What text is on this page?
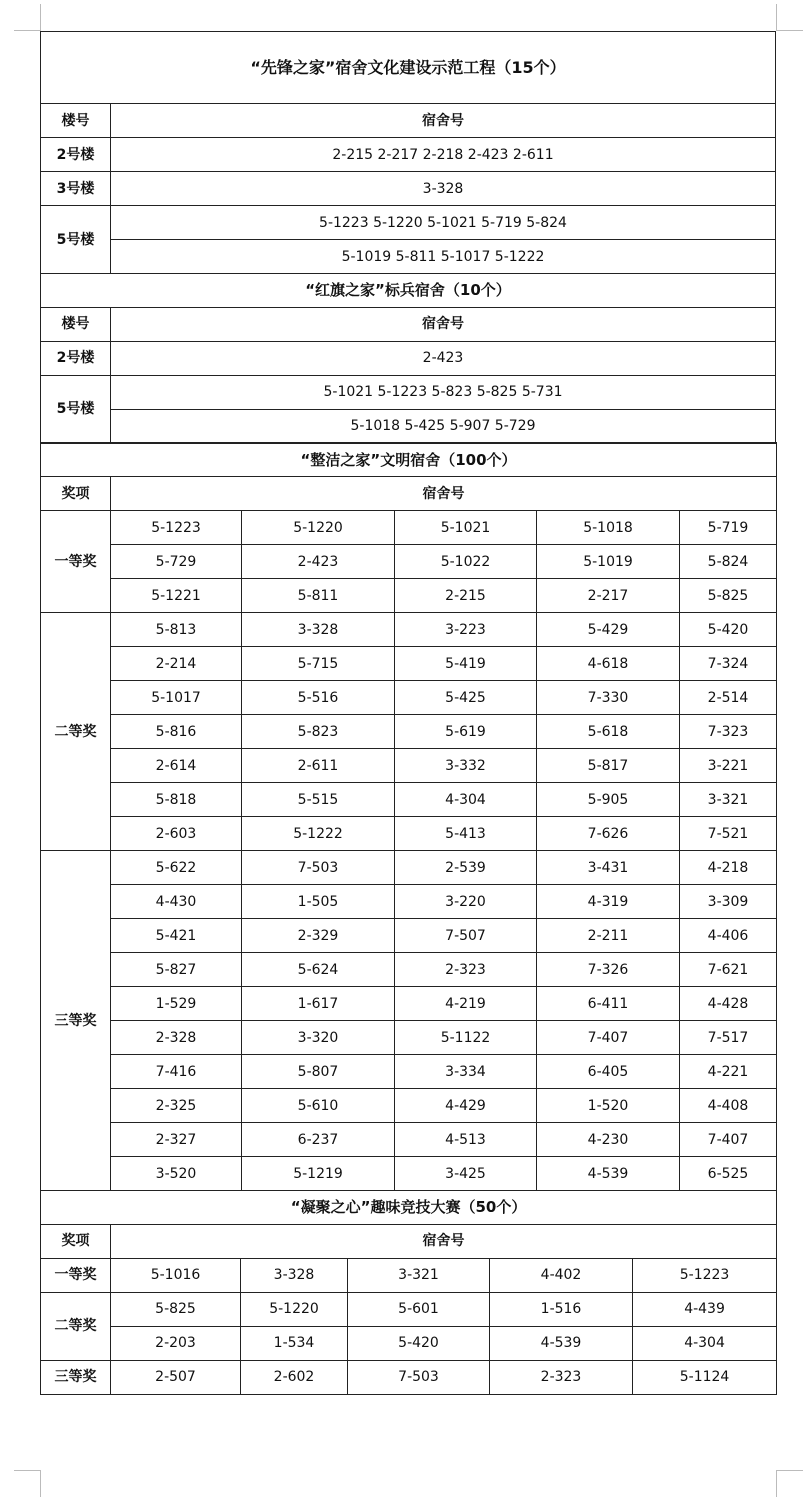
“先锋之家”宿舍文化建设示范工程（15个）	
楼号	宿舍号
2号楼	2-215 2-217 2-218 2-423 2-611
3号楼	3-328
5号楼	5-1223 5-1220 5-1021 5-719 5-824
	5-1019 5-811 5-1017 5-1222
“红旗之家”标兵宿舍（10个）	
楼号	宿舍号
2号楼	2-423
5号楼	5-1021 5-1223 5-823 5-825 5-731
	5-1018 5-425 5-907 5-729
“整洁之家”文明宿舍（100个）					
奖项	宿舍号				
一等奖	5-1223	5-1220	5-1021	5-1018	5-719
	5-729	2-423	5-1022	5-1019	5-824
	5-1221	5-811	2-215	2-217	5-825
二等奖	5-813	3-328	3-223	5-429	5-420
	2-214	5-715	5-419	4-618	7-324
	5-1017	5-516	5-425	7-330	2-514
	5-816	5-823	5-619	5-618	7-323
	2-614	2-611	3-332	5-817	3-221
	5-818	5-515	4-304	5-905	3-321
	2-603	5-1222	5-413	7-626	7-521
三等奖	5-622	7-503	2-539	3-431	4-218
	4-430	1-505	3-220	4-319	3-309
	5-421	2-329	7-507	2-211	4-406
	5-827	5-624	2-323	7-326	7-621
	1-529	1-617	4-219	6-411	4-428
	2-328	3-320	5-1122	7-407	7-517
	7-416	5-807	3-334	6-405	4-221
	2-325	5-610	4-429	1-520	4-408
	2-327	6-237	4-513	4-230	7-407
	3-520	5-1219	3-425	4-539	6-525
“凝聚之心”趣味竞技大赛（50个）					
奖项	宿舍号				
一等奖	5-1016	3-328	3-321	4-402	5-1223
二等奖	5-825	5-1220	5-601	1-516	4-439
	2-203	1-534	5-420	4-539	4-304
三等奖	2-507	2-602	7-503	2-323	5-1124
